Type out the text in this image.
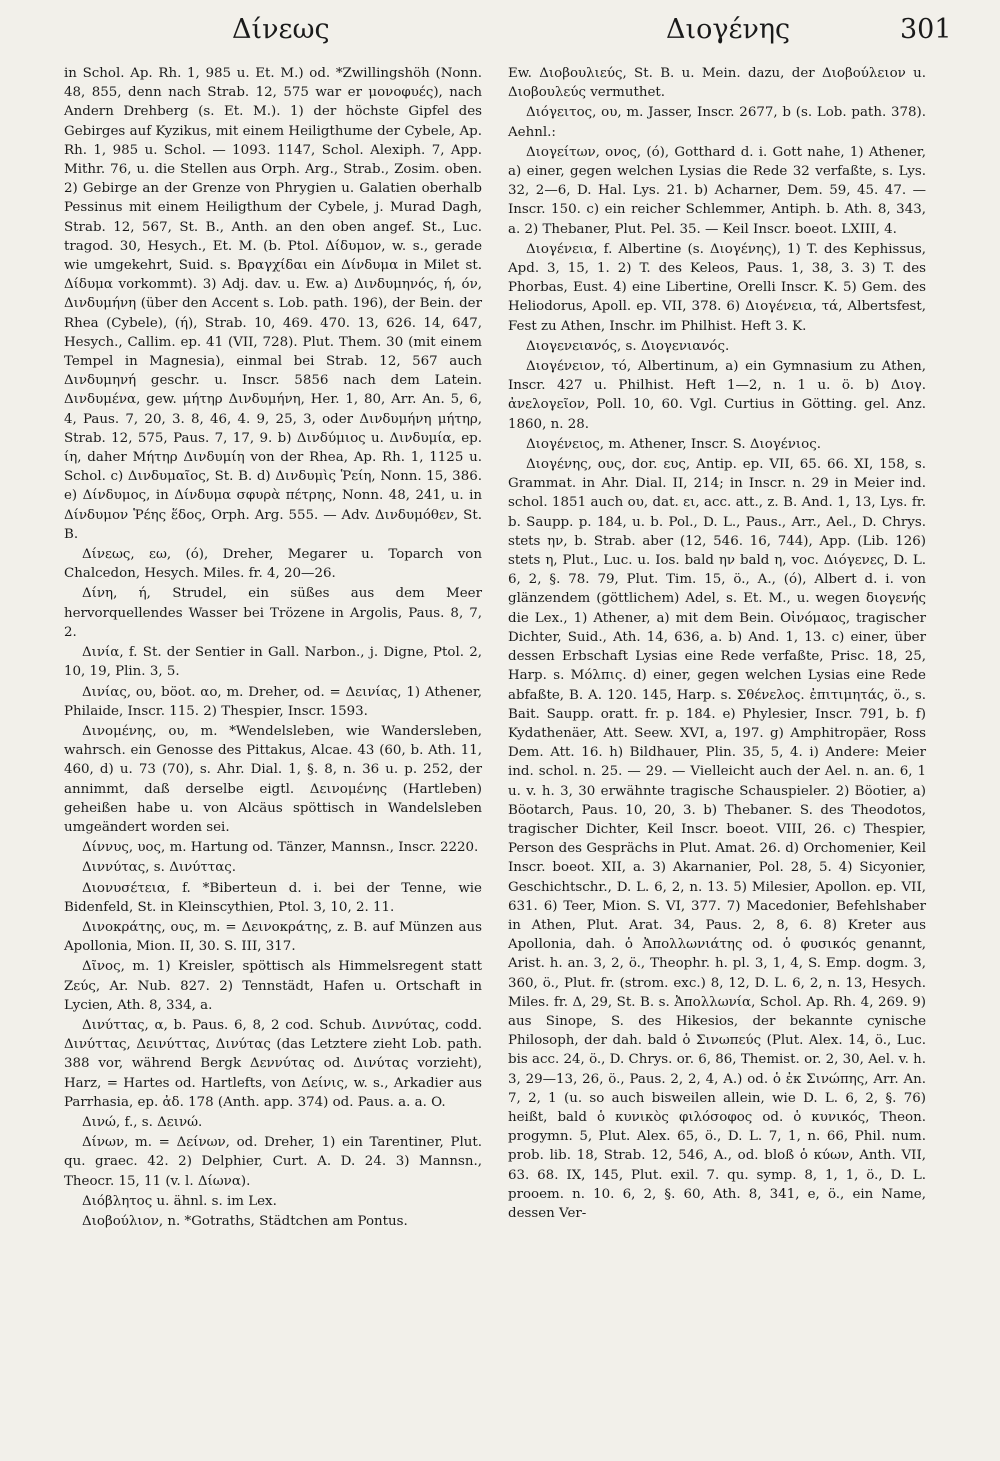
Δίνεως	Διογένης	301

in Schol. Ap. Rh. 1, 985 u. Et. M.) od. *Zwillingshöh (Nonn. 48, 855, denn nach Strab. 12, 575 war er μονοφυές), nach Andern Drehberg (s. Et. M.). 1) der höchste Gipfel des Gebirges auf Kyzikus, mit einem Heiligthume der Cybele, Ap. Rh. 1, 985 u. Schol. — 1093. 1147, Schol. Alexiph. 7, App. Mithr. 76, u. die Stellen aus Orph. Arg., Strab., Zosim. oben. 2) Gebirge an der Grenze von Phrygien u. Galatien oberhalb Pessinus mit einem Heiligthum der Cybele, j. Murad Dagh, Strab. 12, 567, St. B., Anth. an den oben angef. St., Luc. tragod. 30, Hesych., Et. M. (b. Ptol. Δίδυμον, w. s., gerade wie umgekehrt, Suid. s. Βραγχίδαι ein Δίνδυμα in Milet st. Δίδυμα vorkommt). 3) Adj. dav. u. Ew. a) Δινδυμηνός, ή, όν, Δινδυμήνη (über den Accent s. Lob. path. 196), der Bein. der Rhea (Cybele), (ή), Strab. 10, 469. 470. 13, 626. 14, 647, Hesych., Callim. ep. 41 (VII, 728). Plut. Them. 30 (mit einem Tempel in Magnesia), einmal bei Strab. 12, 567 auch Δινδυμηνή geschr. u. Inscr. 5856 nach dem Latein. Δινδυμένα, gew. μήτηρ Δινδυμήνη, Her. 1, 80, Arr. An. 5, 6, 4, Paus. 7, 20, 3. 8, 46, 4. 9, 25, 3, oder Δινδυμήνη μήτηρ, Strab. 12, 575, Paus. 7, 17, 9. b) Δινδύμιος u. Δινδυμία, ep. ίη, daher Μήτηρ Δινδυμίη von der Rhea, Ap. Rh. 1, 1125 u. Schol. c) Δινδυμαῖος, St. B. d) Δινδυμὶς Ῥείη, Nonn. 15, 386. e) Δίνδυμος, in Δίνδυμα σφυρὰ πέτρης, Nonn. 48, 241, u. in Δίνδυμον Ῥέης ἕδος, Orph. Arg. 555. — Adv. Δινδυμόθεν, St. B.

Δίνεως, εω, (ό), Dreher, Megarer u. Toparch von Chalcedon, Hesych. Miles. fr. 4, 20—26.

Δίνη, ή, Strudel, ein süßes aus dem Meer hervorquellendes Wasser bei Trözene in Argolis, Paus. 8, 7, 2.

Δινία, f. St. der Sentier in Gall. Narbon., j. Digne, Ptol. 2, 10, 19, Plin. 3, 5.

Δινίας, ου, böot. αο, m. Dreher, od. = Δεινίας, 1) Athener, Philaide, Inscr. 115. 2) Thespier, Inscr. 1593.

Δινομένης, ου, m. *Wendelsleben, wie Wandersleben, wahrsch. ein Genosse des Pittakus, Alcae. 43 (60, b. Ath. 11, 460, d) u. 73 (70), s. Ahr. Dial. 1, §. 8, n. 36 u. p. 252, der annimmt, daß derselbe eigtl. Δεινομένης (Hartleben) geheißen habe u. von Alcäus spöttisch in Wandelsleben umgeändert worden sei.

Δίννυς, υος, m. Hartung od. Tänzer, Mannsn., Inscr. 2220.

Διννύτας, s. Δινύττας.

Διονυσέτεια, f. *Biberteun d. i. bei der Tenne, wie Bidenfeld, St. in Kleinscythien, Ptol. 3, 10, 2. 11.

Δινοκράτης, ους, m. = Δεινοκράτης, z. B. auf Münzen aus Apollonia, Mion. II, 30. S. III, 317.

Δῖνος, m. 1) Kreisler, spöttisch als Himmelsregent statt Ζεύς, Ar. Nub. 827. 2) Tennstädt, Hafen u. Ortschaft in Lycien, Ath. 8, 334, a.

Δινύττας, α, b. Paus. 6, 8, 2 cod. Schub. Διννύτας, codd. Δινύττας, Δεινύττας, Δινύτας (das Letztere zieht Lob. path. 388 vor, während Bergk Δεννύτας od. Δινύτας vorzieht), Harz, = Hartes od. Hartlefts, von Δείνις, w. s., Arkadier aus Parrhasia, ep. ἀδ. 178 (Anth. app. 374) od. Paus. a. a. O.

Δινώ, f., s. Δεινώ.

Δίνων, m. = Δείνων, od. Dreher, 1) ein Tarentiner, Plut. qu. graec. 42. 2) Delphier, Curt. A. D. 24. 3) Mannsn., Theocr. 15, 11 (v. l. Δίωνα).

Διόβλητος u. ähnl. s. im Lex.

Διοβούλιον, n. *Gotraths, Städtchen am Pontus.

Ew. Διοβουλιεύς, St. B. u. Mein. dazu, der Διοβούλειον u. Διοβουλεύς vermuthet.

Διόγειτος, ου, m. Jasser, Inscr. 2677, b (s. Lob. path. 378). Aehnl.:

Διογείτων, ονος, (ό), Gotthard d. i. Gott nahe, 1) Athener, a) einer, gegen welchen Lysias die Rede 32 verfaßte, s. Lys. 32, 2—6, D. Hal. Lys. 21. b) Acharner, Dem. 59, 45. 47. — Inscr. 150. c) ein reicher Schlemmer, Antiph. b. Ath. 8, 343, a. 2) Thebaner, Plut. Pel. 35. — Keil Inscr. boeot. LXIII, 4.

Διογένεια, f. Albertine (s. Διογένης), 1) T. des Kephissus, Apd. 3, 15, 1. 2) T. des Keleos, Paus. 1, 38, 3. 3) T. des Phorbas, Eust. 4) eine Libertine, Orelli Inscr. K. 5) Gem. des Heliodorus, Apoll. ep. VII, 378. 6) Διογένεια, τά, Albertsfest, Fest zu Athen, Inschr. im Philhist. Heft 3. K.

Διογενειανός, s. Διογενιανός.

Διογένειον, τό, Albertinum, a) ein Gymnasium zu Athen, Inscr. 427 u. Philhist. Heft 1—2, n. 1 u. ö. b) Διογ. ἀνελογεῖον, Poll. 10, 60. Vgl. Curtius in Götting. gel. Anz. 1860, n. 28.

Διογένειος, m. Athener, Inscr. S. Διογένιος.

Διογένης, ους, dor. ευς, Antip. ep. VII, 65. 66. XI, 158, s. Grammat. in Ahr. Dial. II, 214; in Inscr. n. 29 in Meier ind. schol. 1851 auch ου, dat. ει, acc. att., z. B. And. 1, 13, Lys. fr. b. Saupp. p. 184, u. b. Pol., D. L., Paus., Arr., Ael., D. Chrys. stets ην, b. Strab. aber (12, 546. 16, 744), App. (Lib. 126) stets η, Plut., Luc. u. Ios. bald ην bald η, voc. Διόγενες, D. L. 6, 2, §. 78. 79, Plut. Tim. 15, ö., A., (ό), Albert d. i. von glänzendem (göttlichem) Adel, s. Et. M., u. wegen διογενής die Lex., 1) Athener, a) mit dem Bein. Οἰνόμαος, tragischer Dichter, Suid., Ath. 14, 636, a. b) And. 1, 13. c) einer, über dessen Erbschaft Lysias eine Rede verfaßte, Prisc. 18, 25, Harp. s. Μόλπις. d) einer, gegen welchen Lysias eine Rede abfaßte, B. A. 120. 145, Harp. s. Σθένελος. ἐπιτιμητάς, ö., s. Bait. Saupp. oratt. fr. p. 184. e) Phylesier, Inscr. 791, b. f) Kydathenäer, Att. Seew. XVI, a, 197. g) Amphitropäer, Ross Dem. Att. 16. h) Bildhauer, Plin. 35, 5, 4. i) Andere: Meier ind. schol. n. 25. — 29. — Vielleicht auch der Ael. n. an. 6, 1 u. v. h. 3, 30 erwähnte tragische Schauspieler. 2) Böotier, a) Böotarch, Paus. 10, 20, 3. b) Thebaner. S. des Theodotos, tragischer Dichter, Keil Inscr. boeot. VIII, 26. c) Thespier, Person des Gesprächs in Plut. Amat. 26. d) Orchomenier, Keil Inscr. boeot. XII, a. 3) Akarnanier, Pol. 28, 5. 4) Sicyonier, Geschichtschr., D. L. 6, 2, n. 13. 5) Milesier, Apollon. ep. VII, 631. 6) Teer, Mion. S. VI, 377. 7) Macedonier, Befehlshaber in Athen, Plut. Arat. 34, Paus. 2, 8, 6. 8) Kreter aus Apollonia, dah. ὁ Ἀπολλωνιάτης od. ὁ φυσικός genannt, Arist. h. an. 3, 2, ö., Theophr. h. pl. 3, 1, 4, S. Emp. dogm. 3, 360, ö., Plut. fr. (strom. exc.) 8, 12, D. L. 6, 2, n. 13, Hesych. Miles. fr. Δ, 29, St. B. s. Ἀπολλωνία, Schol. Ap. Rh. 4, 269. 9) aus Sinope, S. des Hikesios, der bekannte cynische Philosoph, der dah. bald ὁ Σινωπεύς (Plut. Alex. 14, ö., Luc. bis acc. 24, ö., D. Chrys. or. 6, 86, Themist. or. 2, 30, Ael. v. h. 3, 29—13, 26, ö., Paus. 2, 2, 4, A.) od. ὁ ἐκ Σινώπης, Arr. An. 7, 2, 1 (u. so auch bisweilen allein, wie D. L. 6, 2, §. 76) heißt, bald ὁ κυνικὸς φιλόσοφος od. ὁ κυνικός, Theon. progymn. 5, Plut. Alex. 65, ö., D. L. 7, 1, n. 66, Phil. num. prob. lib. 18, Strab. 12, 546, A., od. bloß ὁ κύων, Anth. VII, 63. 68. IX, 145, Plut. exil. 7. qu. symp. 8, 1, 1, ö., D. L. prooem. n. 10. 6, 2, §. 60, Ath. 8, 341, e, ö., ein Name, dessen Ver-
